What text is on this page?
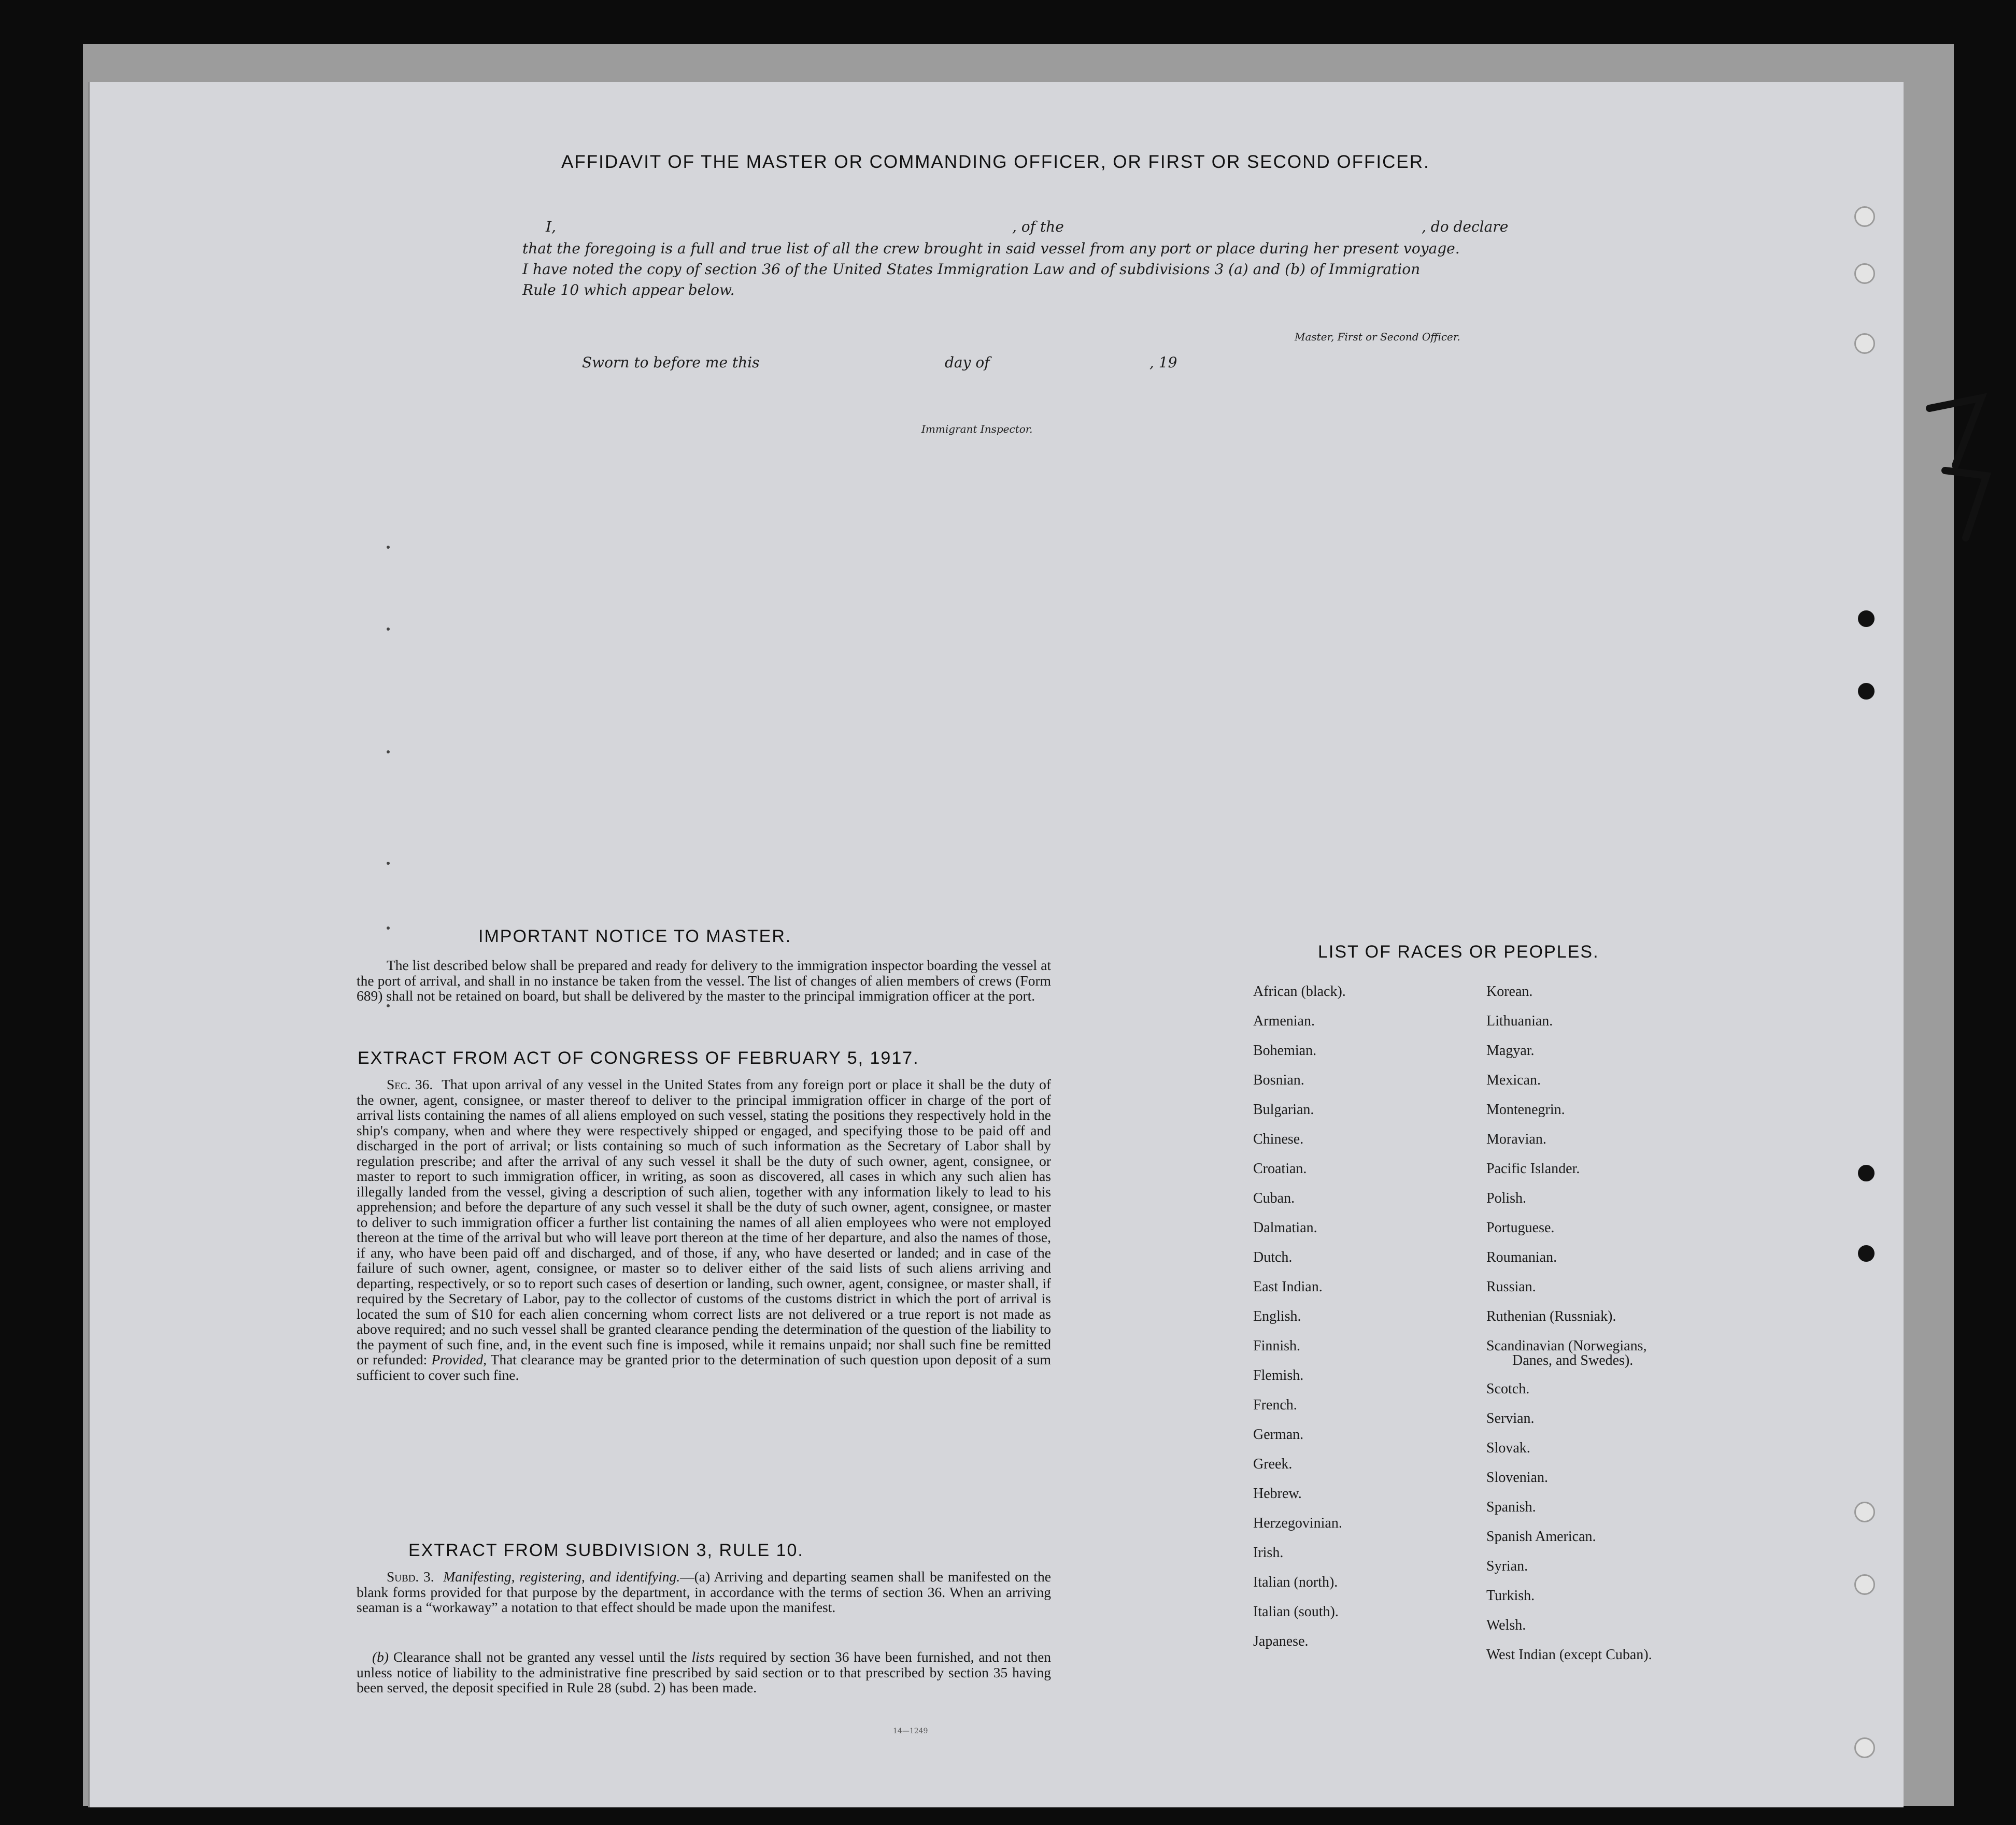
AFFIDAVIT OF THE MASTER OR COMMANDING OFFICER, OR FIRST OR SECOND OFFICER.
I,	, of the	, do declare
that the foregoing is a full and true list of all the crew brought in said vessel from any port or place during her present voyage.
I have noted the copy of section 36 of the United States Immigration Law and of subdivisions 3 (a) and (b) of Immigration
Rule 10 which appear below.
Master, First or Second Officer.
Sworn to before me this	day of	, 19
Immigrant Inspector.
IMPORTANT NOTICE TO MASTER.
The list described below shall be prepared and ready for delivery to the immigration inspector boarding the vessel at the port of arrival, and shall in no instance be taken from the vessel. The list of changes of alien members of crews (Form 689) shall not be retained on board, but shall be delivered by the master to the principal immigration officer at the port.
EXTRACT FROM ACT OF CONGRESS OF FEBRUARY 5, 1917.
Sec. 36. That upon arrival of any vessel in the United States from any foreign port or place it shall be the duty of the owner, agent, consignee, or master thereof to deliver to the principal immigration officer in charge of the port of arrival lists containing the names of all aliens employed on such vessel, stating the positions they respectively hold in the ship's company, when and where they were respectively shipped or engaged, and specifying those to be paid off and discharged in the port of arrival; or lists containing so much of such information as the Secretary of Labor shall by regulation prescribe; and after the arrival of any such vessel it shall be the duty of such owner, agent, consignee, or master to report to such immigration officer, in writing, as soon as discovered, all cases in which any such alien has illegally landed from the vessel, giving a description of such alien, together with any information likely to lead to his apprehension; and before the departure of any such vessel it shall be the duty of such owner, agent, consignee, or master to deliver to such immigration officer a further list containing the names of all alien employees who were not employed thereon at the time of the arrival but who will leave port thereon at the time of her departure, and also the names of those, if any, who have been paid off and discharged, and of those, if any, who have deserted or landed; and in case of the failure of such owner, agent, consignee, or master so to deliver either of the said lists of such aliens arriving and departing, respectively, or so to report such cases of desertion or landing, such owner, agent, consignee, or master shall, if required by the Secretary of Labor, pay to the collector of customs of the customs district in which the port of arrival is located the sum of $10 for each alien concerning whom correct lists are not delivered or a true report is not made as above required; and no such vessel shall be granted clearance pending the determination of the question of the liability to the payment of such fine, and, in the event such fine is imposed, while it remains unpaid; nor shall such fine be remitted or refunded: Provided, That clearance may be granted prior to the determination of such question upon deposit of a sum sufficient to cover such fine.
EXTRACT FROM SUBDIVISION 3, RULE 10.
Subd. 3. Manifesting, registering, and identifying.—(a) Arriving and departing seamen shall be manifested on the blank forms provided for that purpose by the department, in accordance with the terms of section 36. When an arriving seaman is a “workaway” a notation to that effect should be made upon the manifest.
(b) Clearance shall not be granted any vessel until the lists required by section 36 have been furnished, and not then unless notice of liability to the administrative fine prescribed by said section or to that prescribed by section 35 having been served, the deposit specified in Rule 28 (subd. 2) has been made.
14—1249
LIST OF RACES OR PEOPLES.
African (black).
Armenian.
Bohemian.
Bosnian.
Bulgarian.
Chinese.
Croatian.
Cuban.
Dalmatian.
Dutch.
East Indian.
English.
Finnish.
Flemish.
French.
German.
Greek.
Hebrew.
Herzegovinian.
Irish.
Italian (north).
Italian (south).
Japanese.
Korean.
Lithuanian.
Magyar.
Mexican.
Montenegrin.
Moravian.
Pacific Islander.
Polish.
Portuguese.
Roumanian.
Russian.
Ruthenian (Russniak).
Scandinavian (Norwegians,
Danes, and Swedes).
Scotch.
Servian.
Slovak.
Slovenian.
Spanish.
Spanish American.
Syrian.
Turkish.
Welsh.
West Indian (except Cuban).
